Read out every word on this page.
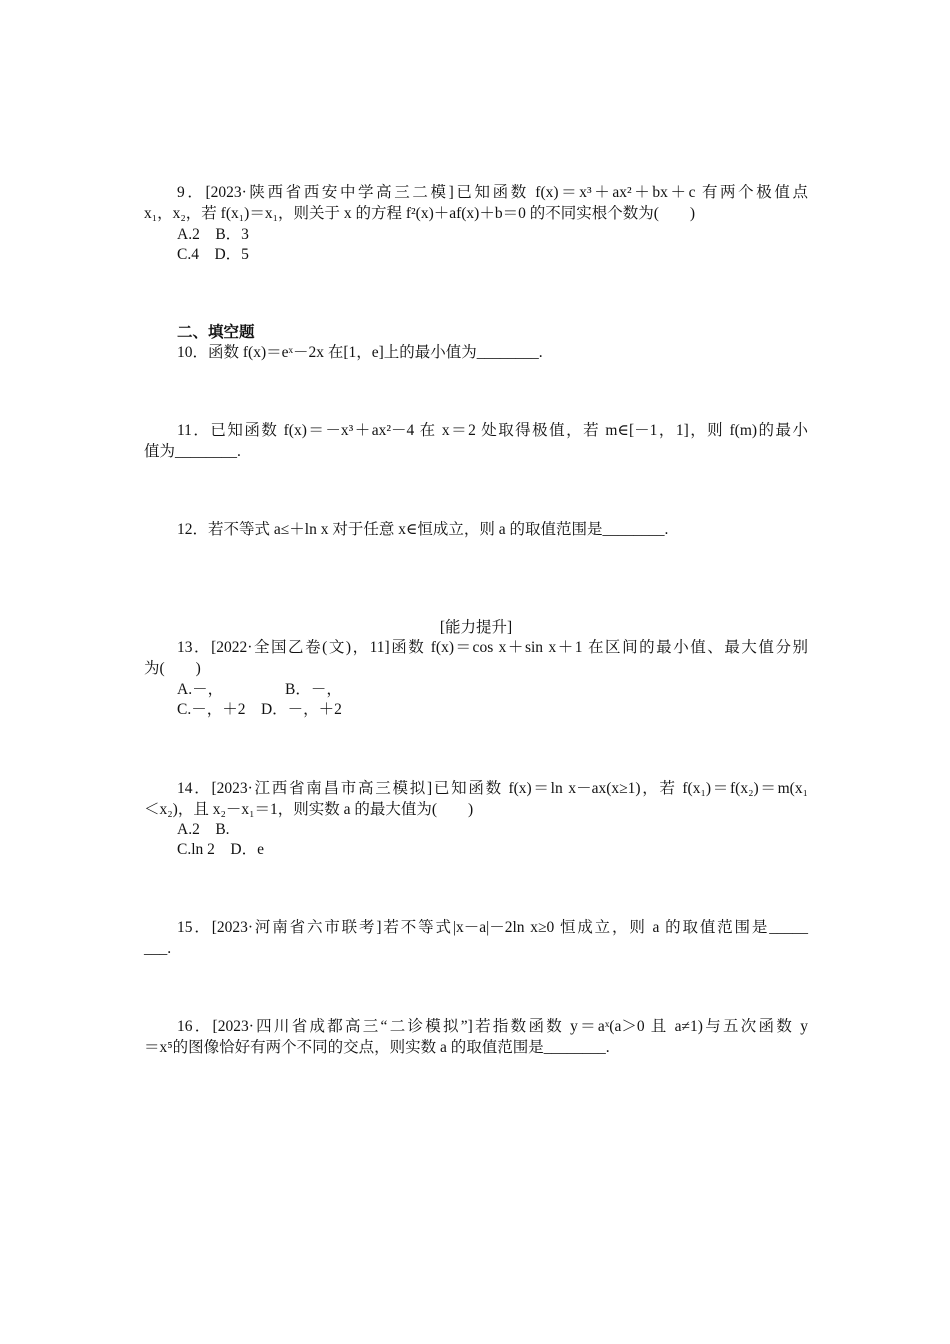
9．[2023·陕西省西安中学高三二模]已知函数 f(x)＝x³＋ax²＋bx＋c 有两个极值点
x₁，x₂，若 f(x₁)＝x₁，则关于 x 的方程 f²(x)＋af(x)＋b＝0 的不同实根个数为(　　)
A.2　B．3
C.4　D．5
二、填空题
10．函数 f(x)＝eˣ－2x 在[1，e]上的最小值为________.
11．已知函数 f(x)＝－x³＋ax²－4 在 x＝2 处取得极值，若 m∈[－1，1]，则 f(m)的最小
值为________.
12．若不等式 a≤＋ln x 对于任意 x∈恒成立，则 a 的取值范围是________.
[能力提升]
13．[2022·全国乙卷(文)，11]函数 f(x)＝cos x＋sin x＋1 在区间的最小值、最大值分别
为(　　)
A.－，	B．－，
C.－，＋2　D．－，＋2
14．[2023·江西省南昌市高三模拟]已知函数 f(x)＝ln x－ax(x≥1)，若 f(x₁)＝f(x₂)＝m(x₁
＜x₂)，且 x₂－x₁＝1，则实数 a 的最大值为(　　)
A.2　B.
C.ln 2　D．e
15．[2023·河南省六市联考]若不等式|x－a|－2ln x≥0 恒成立，则 a 的取值范围是_____
___.
16．[2023·四川省成都高三“二诊模拟”]若指数函数 y＝aˣ(a＞0 且 a≠1)与五次函数 y
＝x⁵的图像恰好有两个不同的交点，则实数 a 的取值范围是________.
